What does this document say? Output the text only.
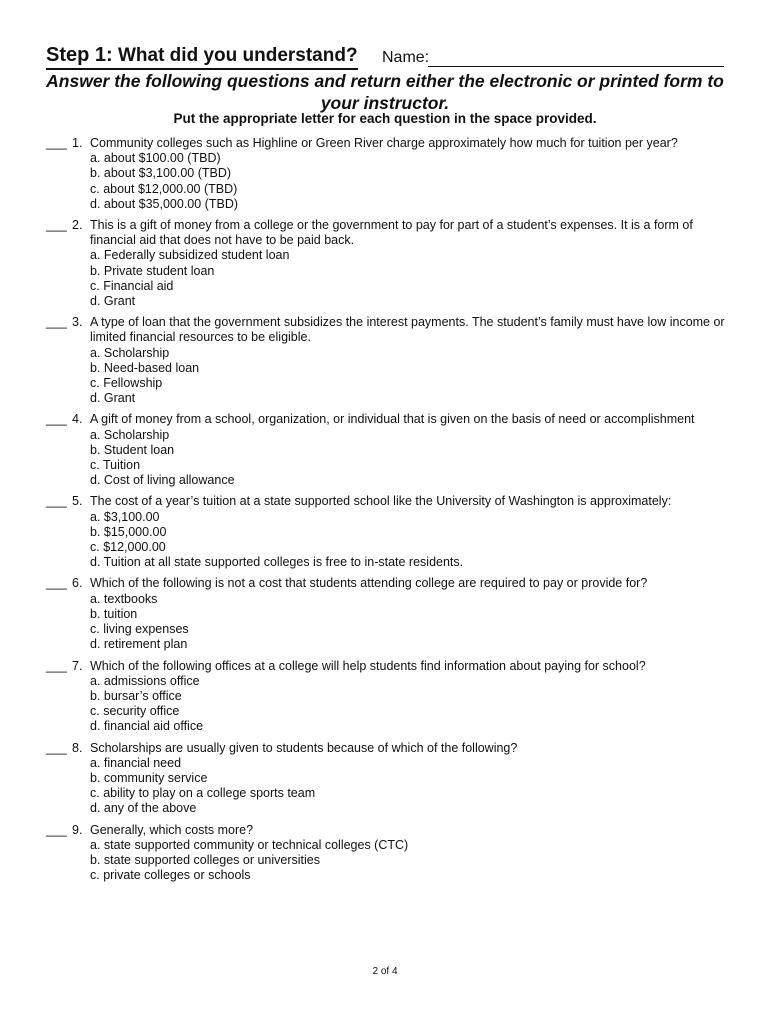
Step 1: What did you understand? Name:
Answer the following questions and return either the electronic or printed form to your instructor.
Put the appropriate letter for each question in the space provided.
___ 1. Community colleges such as Highline or Green River charge approximately how much for tuition per year?
a. about $100.00 (TBD)
b. about $3,100.00 (TBD)
c. about $12,000.00 (TBD)
d. about $35,000.00 (TBD)
___ 2. This is a gift of money from a college or the government to pay for part of a student’s expenses. It is a form of financial aid that does not have to be paid back.
a. Federally subsidized student loan
b. Private student loan
c. Financial aid
d. Grant
___ 3. A type of loan that the government subsidizes the interest payments. The student’s family must have low income or limited financial resources to be eligible.
a. Scholarship
b. Need-based loan
c. Fellowship
d. Grant
___ 4. A gift of money from a school, organization, or individual that is given on the basis of need or accomplishment
a. Scholarship
b. Student loan
c. Tuition
d. Cost of living allowance
___ 5. The cost of a year’s tuition at a state supported school like the University of Washington is approximately:
a. $3,100.00
b. $15,000.00
c. $12,000.00
d. Tuition at all state supported colleges is free to in-state residents.
___ 6. Which of the following is not a cost that students attending college are required to pay or provide for?
a. textbooks
b. tuition
c. living expenses
d. retirement plan
___ 7. Which of the following offices at a college will help students find information about paying for school?
a. admissions office
b. bursar’s office
c. security office
d. financial aid office
___ 8. Scholarships are usually given to students because of which of the following?
a. financial need
b. community service
c. ability to play on a college sports team
d. any of the above
___ 9. Generally, which costs more?
a. state supported community or technical colleges (CTC)
b. state supported colleges or universities
c. private colleges or schools
2 of 4
